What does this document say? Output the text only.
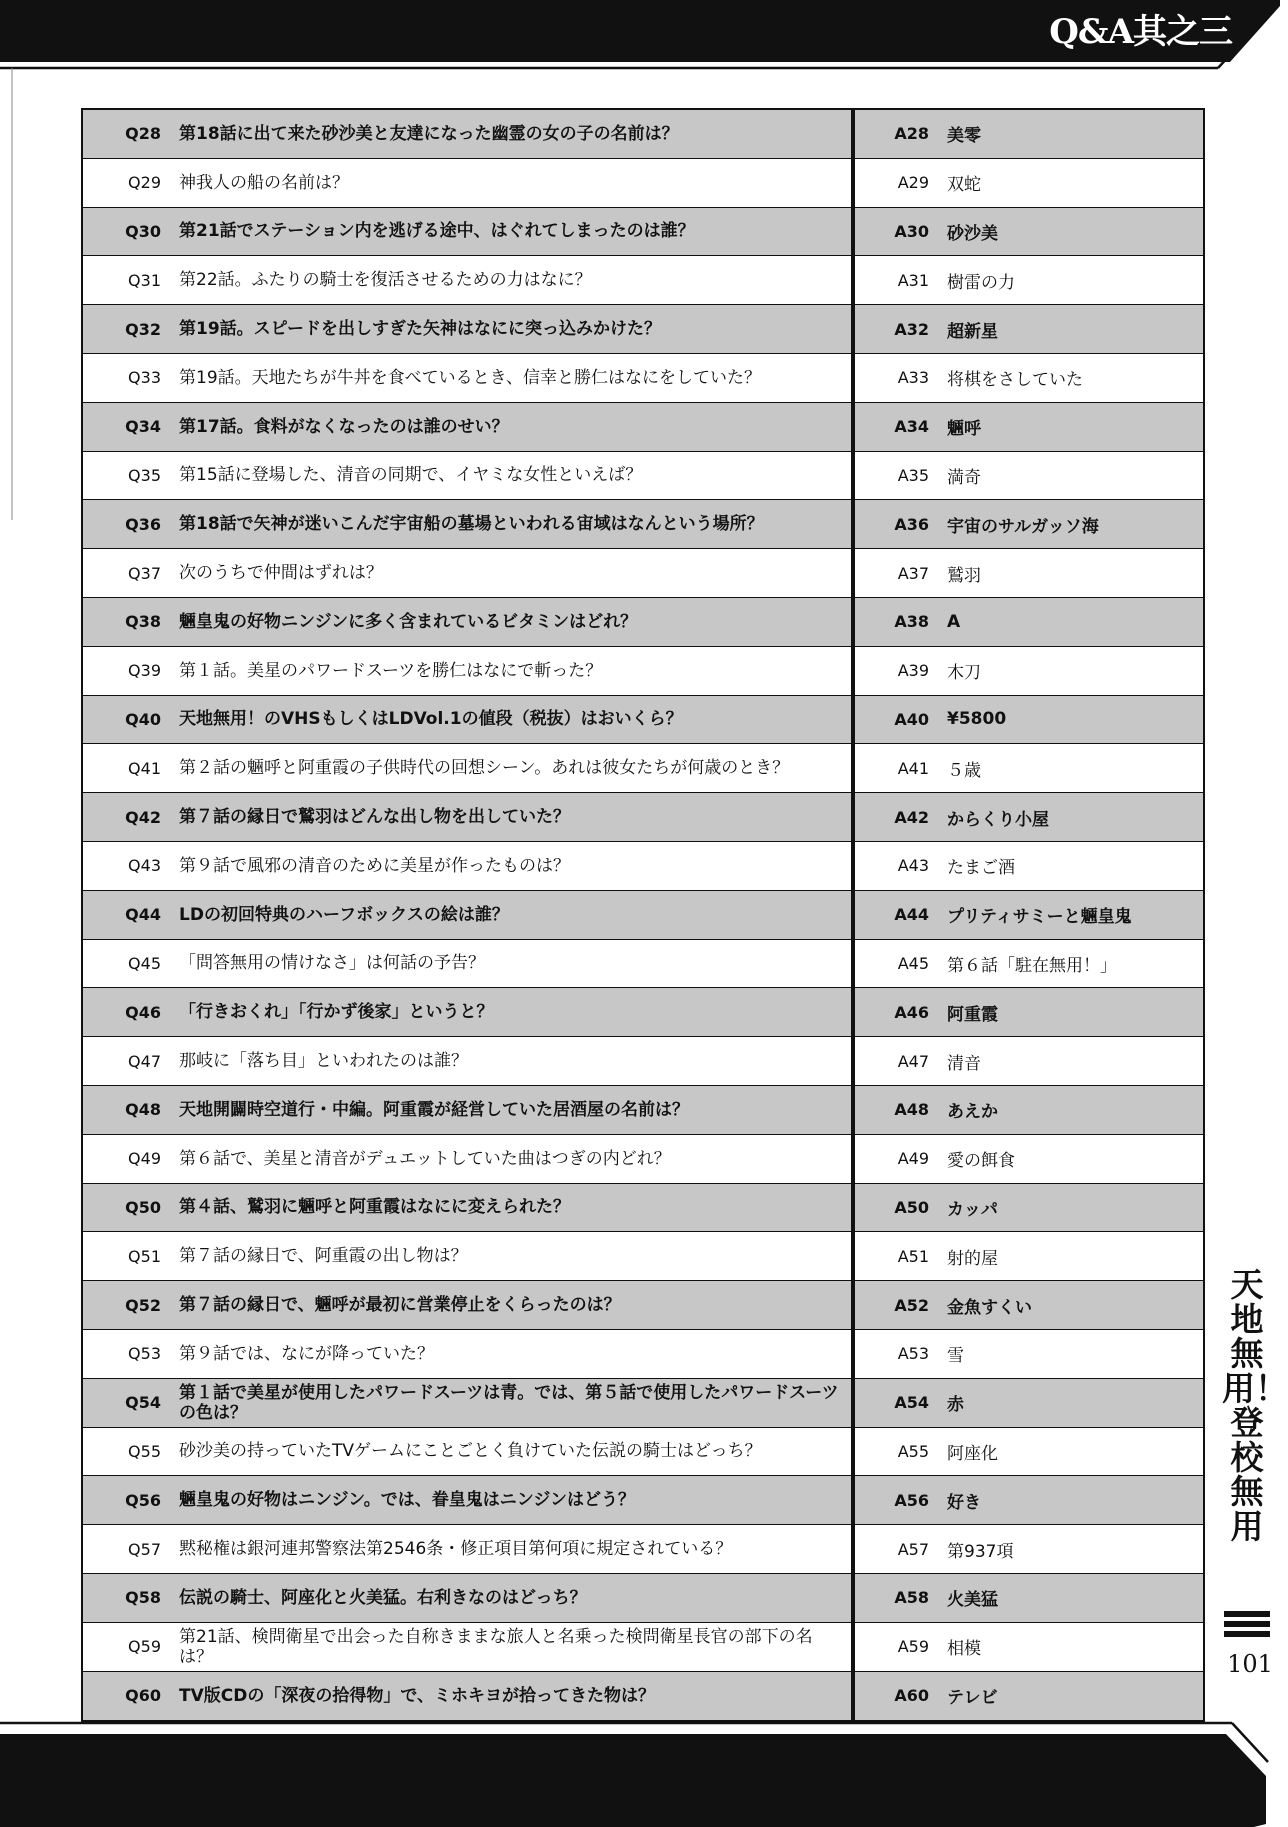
Q&A其之三
Q28	第18話に出て来た砂沙美と友達になった幽霊の女の子の名前は？	A28	美零
Q29	神我人の船の名前は？	A29	双蛇
Q30	第21話でステーション内を逃げる途中、はぐれてしまったのは誰？	A30	砂沙美
Q31	第22話。ふたりの騎士を復活させるための力はなに？	A31	樹雷の力
Q32	第19話。スピードを出しすぎた矢神はなにに突っ込みかけた？	A32	超新星
Q33	第19話。天地たちが牛丼を食べているとき、信幸と勝仁はなにをしていた？	A33	将棋をさしていた
Q34	第17話。食料がなくなったのは誰のせい？	A34	魎呼
Q35	第15話に登場した、清音の同期で、イヤミな女性といえば？	A35	満奇
Q36	第18話で矢神が迷いこんだ宇宙船の墓場といわれる宙域はなんという場所？	A36	宇宙のサルガッソ海
Q37	次のうちで仲間はずれは？	A37	鷲羽
Q38	魎皇鬼の好物ニンジンに多く含まれているビタミンはどれ？	A38	A
Q39	第１話。美星のパワードスーツを勝仁はなにで斬った？	A39	木刀
Q40	天地無用！のVHSもしくはLDVol.1の値段（税抜）はおいくら？	A40	¥5800
Q41	第２話の魎呼と阿重霞の子供時代の回想シーン。あれは彼女たちが何歳のとき？	A41	５歳
Q42	第７話の縁日で鷲羽はどんな出し物を出していた？	A42	からくり小屋
Q43	第９話で風邪の清音のために美星が作ったものは？	A43	たまご酒
Q44	LDの初回特典のハーフボックスの絵は誰？	A44	プリティサミーと魎皇鬼
Q45	「問答無用の情けなさ」は何話の予告？	A45	第６話「駐在無用！」
Q46	「行きおくれ」「行かず後家」というと？	A46	阿重霞
Q47	那岐に「落ち目」といわれたのは誰？	A47	清音
Q48	天地開闢時空道行・中編。阿重霞が経営していた居酒屋の名前は？	A48	あえか
Q49	第６話で、美星と清音がデュエットしていた曲はつぎの内どれ？	A49	愛の餌食
Q50	第４話、鷲羽に魎呼と阿重霞はなにに変えられた？	A50	カッパ
Q51	第７話の縁日で、阿重霞の出し物は？	A51	射的屋
Q52	第７話の縁日で、魎呼が最初に営業停止をくらったのは？	A52	金魚すくい
Q53	第９話では、なにが降っていた？	A53	雪
Q54	第１話で美星が使用したパワードスーツは青。では、第５話で使用したパワードスーツの色は？	A54	赤
Q55	砂沙美の持っていたTVゲームにことごとく負けていた伝説の騎士はどっち？	A55	阿座化
Q56	魎皇鬼の好物はニンジン。では、眷皇鬼はニンジンはどう？	A56	好き
Q57	黙秘権は銀河連邦警察法第2546条・修正項目第何項に規定されている？	A57	第937項
Q58	伝説の騎士、阿座化と火美猛。右利きなのはどっち？	A58	火美猛
Q59	第21話、検問衛星で出会った自称きままな旅人と名乗った検問衛星長官の部下の名は？	A59	相模
Q60	TV版CDの「深夜の拾得物」で、ミホキヨが拾ってきた物は？	A60	テレビ
天地無用！登校無用
101
